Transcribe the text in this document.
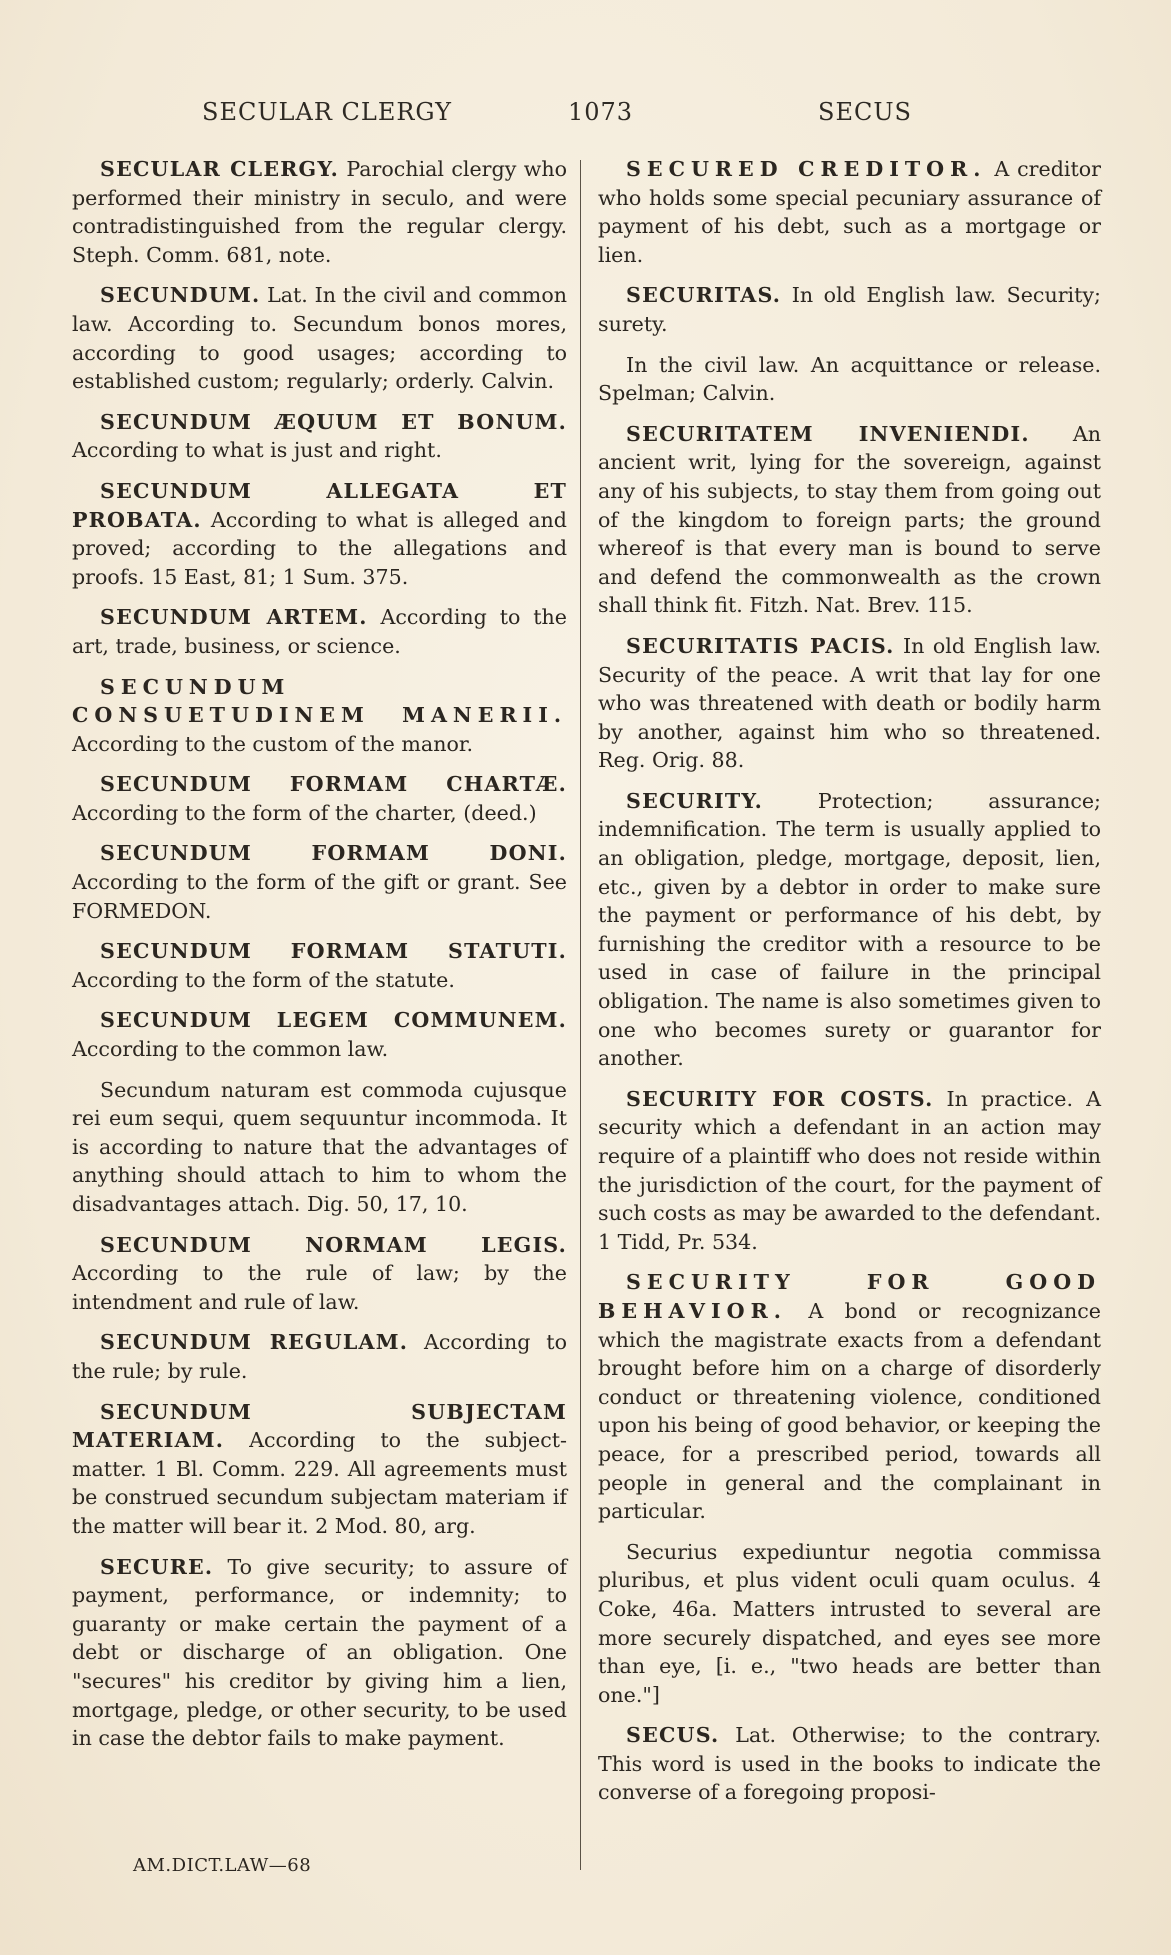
SECULAR CLERGY	1073	SECUS

SECULAR CLERGY. Parochial clergy who performed their ministry in seculo, and were contradistinguished from the regular clergy. Steph. Comm. 681, note.

SECUNDUM. Lat. In the civil and common law. According to. Secundum bonos mores, according to good usages; according to established custom; regularly; orderly. Calvin.

SECUNDUM ÆQUUM ET BONUM. According to what is just and right.

SECUNDUM ALLEGATA ET PROBATA. According to what is alleged and proved; according to the allegations and proofs. 15 East, 81; 1 Sum. 375.

SECUNDUM ARTEM. According to the art, trade, business, or science.

SECUNDUM CONSUETUDINEM MANERII. According to the custom of the manor.

SECUNDUM FORMAM CHARTÆ. According to the form of the charter, (deed.)

SECUNDUM FORMAM DONI. According to the form of the gift or grant. See FORMEDON.

SECUNDUM FORMAM STATUTI. According to the form of the statute.

SECUNDUM LEGEM COMMUNEM. According to the common law.

Secundum naturam est commoda cujusque rei eum sequi, quem sequuntur incommoda. It is according to nature that the advantages of anything should attach to him to whom the disadvantages attach. Dig. 50, 17, 10.

SECUNDUM NORMAM LEGIS. According to the rule of law; by the intendment and rule of law.

SECUNDUM REGULAM. According to the rule; by rule.

SECUNDUM SUBJECTAM MATERIAM. According to the subject-matter. 1 Bl. Comm. 229. All agreements must be construed secundum subjectam materiam if the matter will bear it. 2 Mod. 80, arg.

SECURE. To give security; to assure of payment, performance, or indemnity; to guaranty or make certain the payment of a debt or discharge of an obligation. One "secures" his creditor by giving him a lien, mortgage, pledge, or other security, to be used in case the debtor fails to make payment.

SECURED CREDITOR. A creditor who holds some special pecuniary assurance of payment of his debt, such as a mortgage or lien.

SECURITAS. In old English law. Security; surety.

In the civil law. An acquittance or release. Spelman; Calvin.

SECURITATEM INVENIENDI. An ancient writ, lying for the sovereign, against any of his subjects, to stay them from going out of the kingdom to foreign parts; the ground whereof is that every man is bound to serve and defend the commonwealth as the crown shall think fit. Fitzh. Nat. Brev. 115.

SECURITATIS PACIS. In old English law. Security of the peace. A writ that lay for one who was threatened with death or bodily harm by another, against him who so threatened. Reg. Orig. 88.

SECURITY. Protection; assurance; indemnification. The term is usually applied to an obligation, pledge, mortgage, deposit, lien, etc., given by a debtor in order to make sure the payment or performance of his debt, by furnishing the creditor with a resource to be used in case of failure in the principal obligation. The name is also sometimes given to one who becomes surety or guarantor for another.

SECURITY FOR COSTS. In practice. A security which a defendant in an action may require of a plaintiff who does not reside within the jurisdiction of the court, for the payment of such costs as may be awarded to the defendant. 1 Tidd, Pr. 534.

SECURITY FOR GOOD BEHAVIOR. A bond or recognizance which the magistrate exacts from a defendant brought before him on a charge of disorderly conduct or threatening violence, conditioned upon his being of good behavior, or keeping the peace, for a prescribed period, towards all people in general and the complainant in particular.

Securius expediuntur negotia commissa pluribus, et plus vident oculi quam oculus. 4 Coke, 46a. Matters intrusted to several are more securely dispatched, and eyes see more than eye, [i. e., "two heads are better than one."]

SECUS. Lat. Otherwise; to the contrary. This word is used in the books to indicate the converse of a foregoing proposi-

AM.DICT.LAW—68
